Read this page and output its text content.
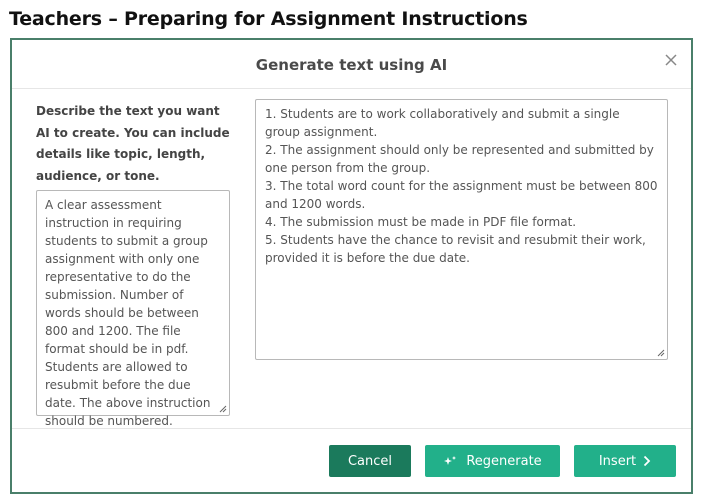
Teachers – Preparing for Assignment Instructions
Generate text using AI
Describe the text you want AI to create. You can include details like topic, length, audience, or tone.
A clear assessment instruction in requiring students to submit a group assignment with only one representative to do the submission. Number of words should be between 800 and 1200. The file format should be in pdf. Students are allowed to resubmit before the due date. The above instruction should be numbered.
1. Students are to work collaboratively and submit a single group assignment.
2. The assignment should only be represented and submitted by one person from the group.
3. The total word count for the assignment must be between 800 and 1200 words.
4. The submission must be made in PDF file format.
5. Students have the chance to revisit and resubmit their work, provided it is before the due date.
Cancel	Regenerate	Insert
